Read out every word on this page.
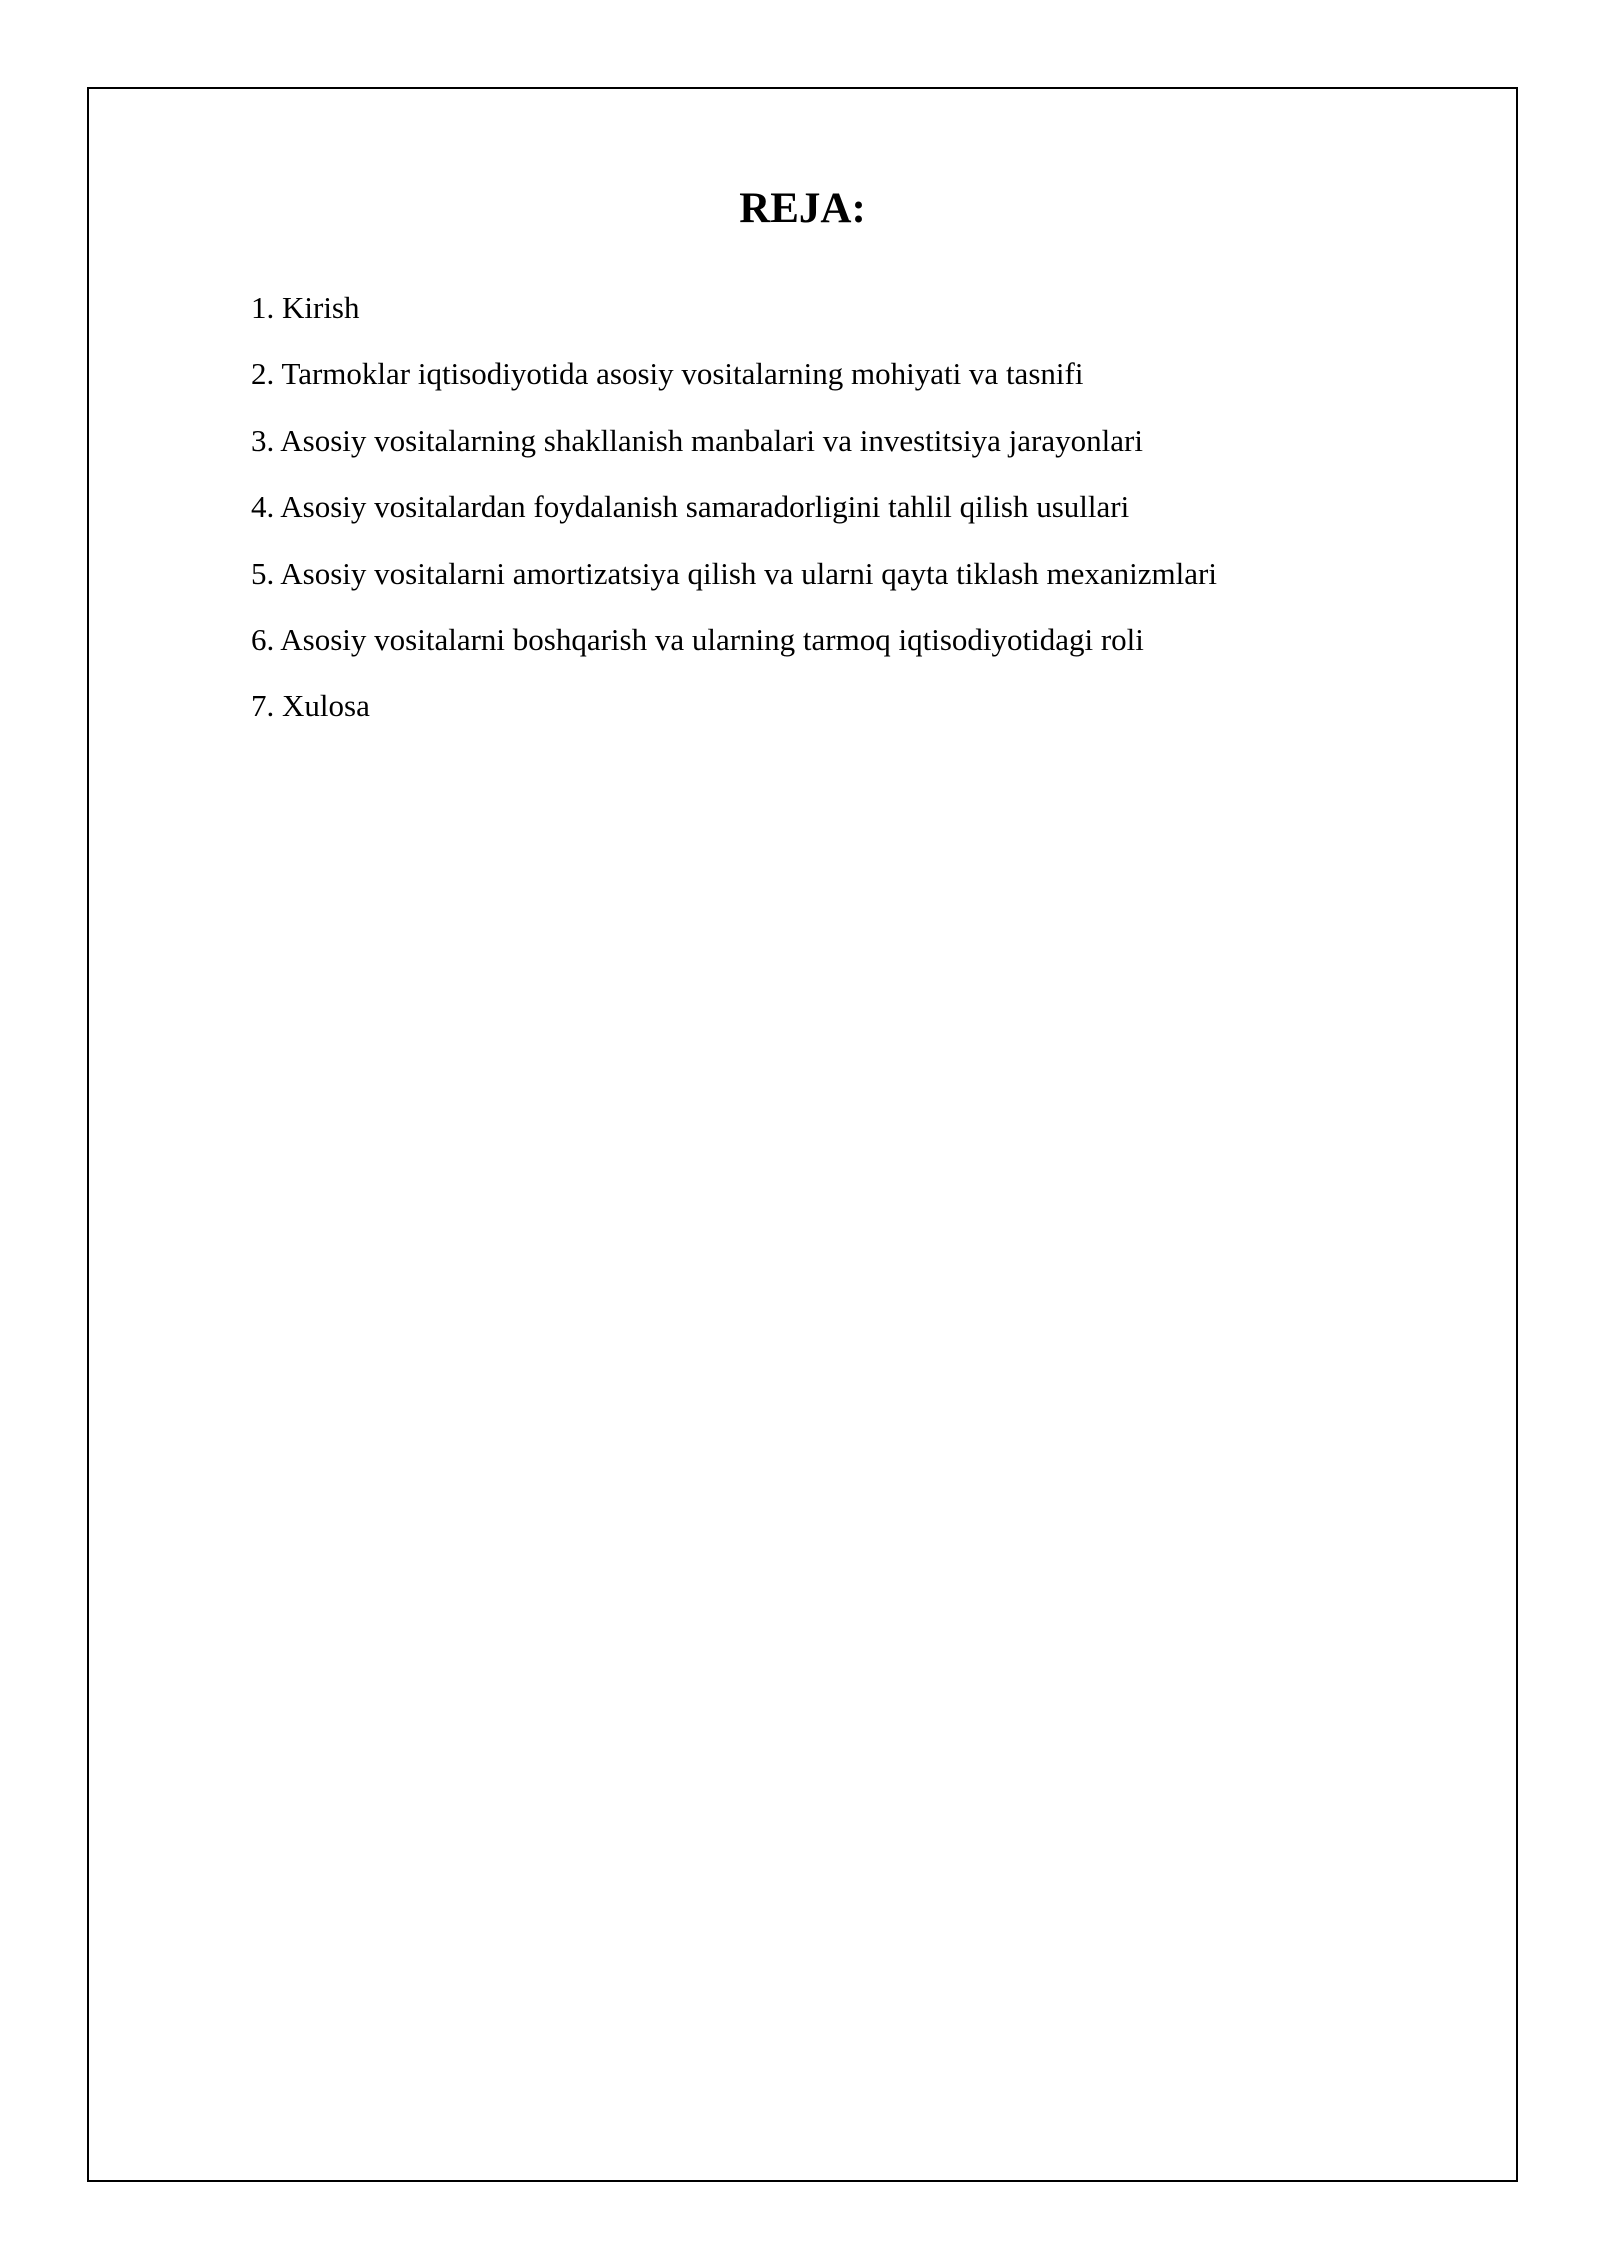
REJA:
1. Kirish
2. Tarmoklar iqtisodiyotida asosiy vositalarning mohiyati va tasnifi
3. Asosiy vositalarning shakllanish manbalari va investitsiya jarayonlari
4. Asosiy vositalardan foydalanish samaradorligini tahlil qilish usullari
5. Asosiy vositalarni amortizatsiya qilish va ularni qayta tiklash mexanizmlari
6. Asosiy vositalarni boshqarish va ularning tarmoq iqtisodiyotidagi roli
7. Xulosa
